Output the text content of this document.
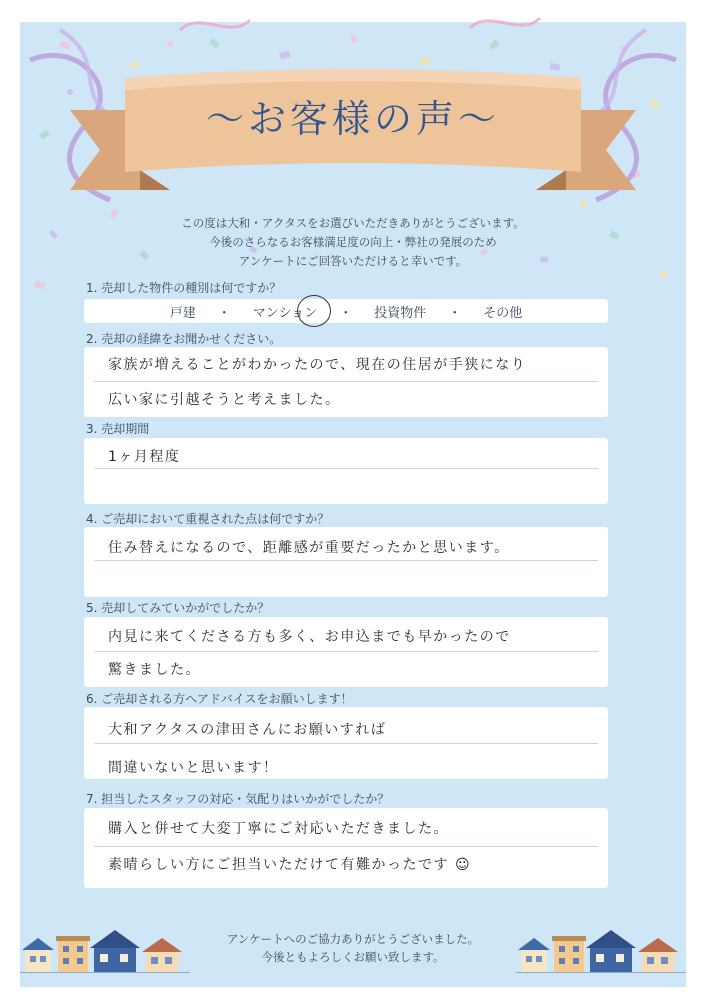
〜お客様の声〜
この度は大和・アクタスをお選びいただきありがとうございます。
今後のさらなるお客様満足度の向上・弊社の発展のため
アンケートにご回答いただけると幸いです。
1. 売却した物件の種別は何ですか？
戸建 ・ マンション ・ 投資物件 ・ その他
2. 売却の経緯をお聞かせください。
家族が増えることがわかったので、現在の住居が手狭になり
広い家に引越そうと考えました。
3. 売却期間
1ヶ月程度
4. ご売却において重視された点は何ですか？
住み替えになるので、距離感が重要だったかと思います。
5. 売却してみていかがでしたか？
内見に来てくださる方も多く、お申込までも早かったので
驚きました。
6. ご売却される方へアドバイスをお願いします！
大和アクタスの津田さんにお願いすれば
間違いないと思います！
7. 担当したスタッフの対応・気配りはいかがでしたか？
購入と併せて大変丁寧にご対応いただきました。
素晴らしい方にご担当いただけて有難かったです ☺
アンケートへのご協力ありがとうございました。
今後ともよろしくお願い致します。
